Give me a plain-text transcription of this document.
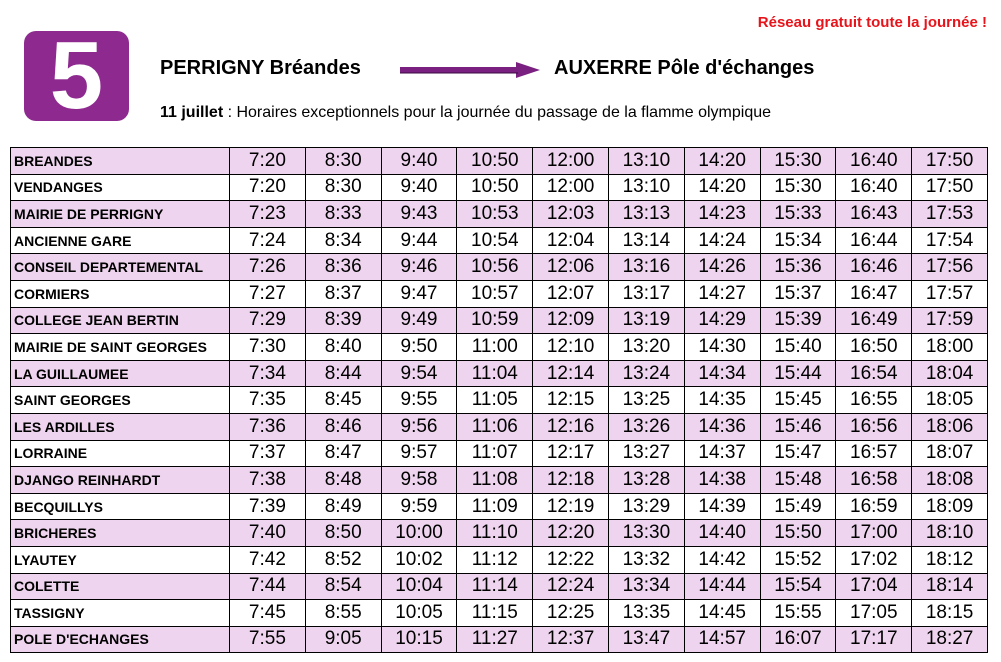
Réseau gratuit toute la journée !
5	PERRIGNY Bréandes	AUXERRE Pôle d'échanges
11 juillet : Horaires exceptionnels pour la journée du passage de la flamme olympique
BREANDES	7:20	8:30	9:40	10:50	12:00	13:10	14:20	15:30	16:40	17:50
VENDANGES	7:20	8:30	9:40	10:50	12:00	13:10	14:20	15:30	16:40	17:50
MAIRIE DE PERRIGNY	7:23	8:33	9:43	10:53	12:03	13:13	14:23	15:33	16:43	17:53
ANCIENNE GARE	7:24	8:34	9:44	10:54	12:04	13:14	14:24	15:34	16:44	17:54
CONSEIL DEPARTEMENTAL	7:26	8:36	9:46	10:56	12:06	13:16	14:26	15:36	16:46	17:56
CORMIERS	7:27	8:37	9:47	10:57	12:07	13:17	14:27	15:37	16:47	17:57
COLLEGE JEAN BERTIN	7:29	8:39	9:49	10:59	12:09	13:19	14:29	15:39	16:49	17:59
MAIRIE DE SAINT GEORGES	7:30	8:40	9:50	11:00	12:10	13:20	14:30	15:40	16:50	18:00
LA GUILLAUMEE	7:34	8:44	9:54	11:04	12:14	13:24	14:34	15:44	16:54	18:04
SAINT GEORGES	7:35	8:45	9:55	11:05	12:15	13:25	14:35	15:45	16:55	18:05
LES ARDILLES	7:36	8:46	9:56	11:06	12:16	13:26	14:36	15:46	16:56	18:06
LORRAINE	7:37	8:47	9:57	11:07	12:17	13:27	14:37	15:47	16:57	18:07
DJANGO REINHARDT	7:38	8:48	9:58	11:08	12:18	13:28	14:38	15:48	16:58	18:08
BECQUILLYS	7:39	8:49	9:59	11:09	12:19	13:29	14:39	15:49	16:59	18:09
BRICHERES	7:40	8:50	10:00	11:10	12:20	13:30	14:40	15:50	17:00	18:10
LYAUTEY	7:42	8:52	10:02	11:12	12:22	13:32	14:42	15:52	17:02	18:12
COLETTE	7:44	8:54	10:04	11:14	12:24	13:34	14:44	15:54	17:04	18:14
TASSIGNY	7:45	8:55	10:05	11:15	12:25	13:35	14:45	15:55	17:05	18:15
POLE D'ECHANGES	7:55	9:05	10:15	11:27	12:37	13:47	14:57	16:07	17:17	18:27
